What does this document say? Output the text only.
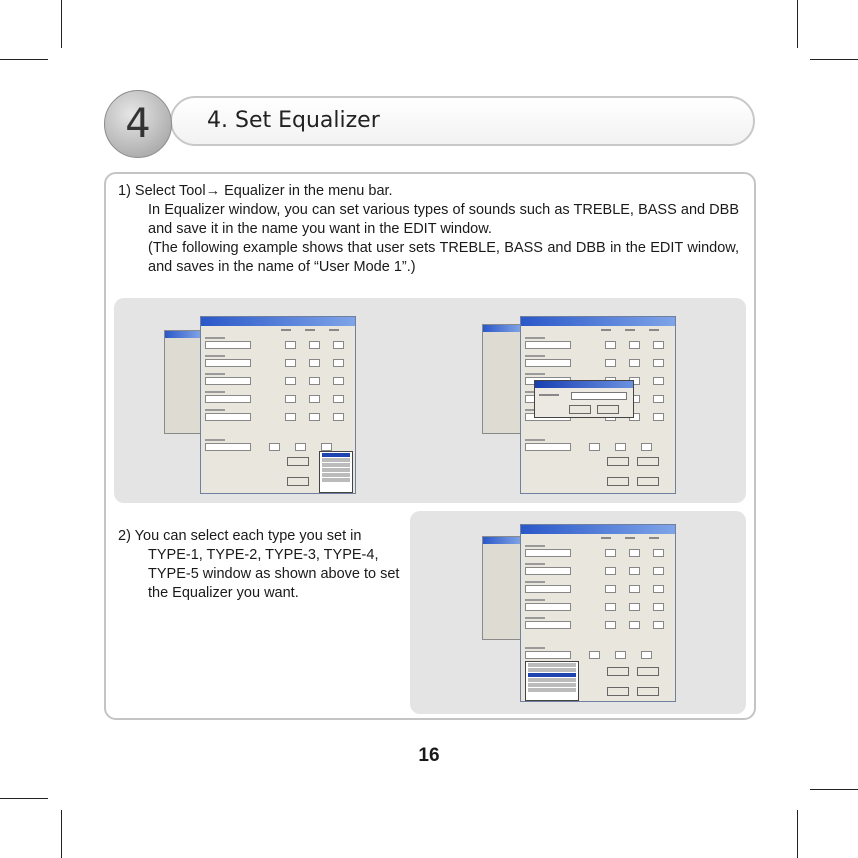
4	4. Set Equalizer
1) Select Tool→ Equalizer in the menu bar.
In Equalizer window, you can set various types of sounds such as TREBLE, BASS and DBB and save it in the name you want in the EDIT window.
(The following example shows that user sets TREBLE, BASS and DBB in the EDIT window, and saves in the name of “User Mode 1”.)
2) You can select each type you set in TYPE-1, TYPE-2, TYPE-3, TYPE-4, TYPE-5 window as shown above to set the Equalizer you want.
16
